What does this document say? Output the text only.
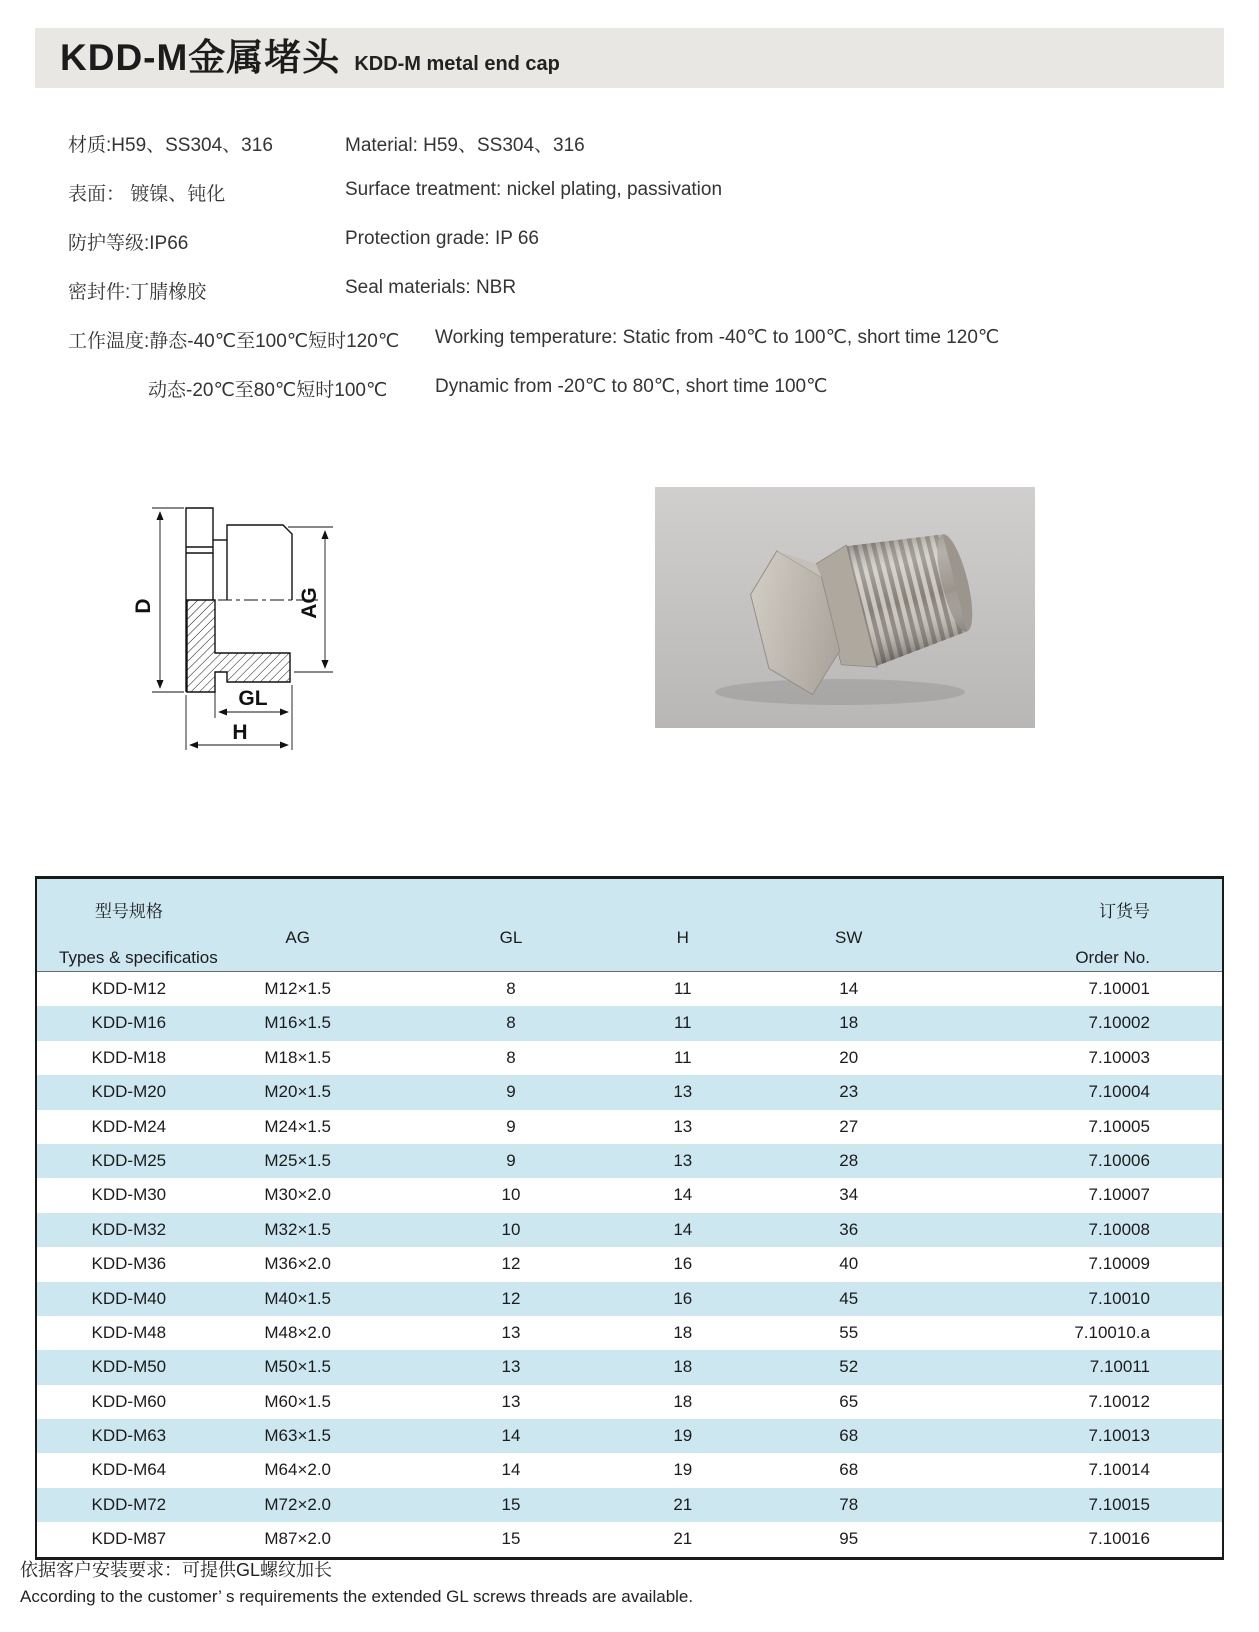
KDD-M金属堵头 KDD-M metal end cap
材质:H59、SS304、316	Material: H59、SS304、316
表面： 镀镍、钝化	Surface treatment: nickel plating, passivation
防护等级:IP66	Protection grade: IP 66
密封件:丁腈橡胶	Seal materials: NBR
工作温度:静态-40℃至100℃短时120℃	Working temperature: Static from -40℃ to 100℃, short time 120℃
动态-20℃至80℃短时100℃	Dynamic from -20℃ to 80℃, short time 100℃
D	AG
GL
H
型号规格	订货号
AG	GL	H	SW
Types & specificatios	Order No.
KDD-M12	M12×1.5	8	11	14	7.10001
KDD-M16	M16×1.5	8	11	18	7.10002
KDD-M18	M18×1.5	8	11	20	7.10003
KDD-M20	M20×1.5	9	13	23	7.10004
KDD-M24	M24×1.5	9	13	27	7.10005
KDD-M25	M25×1.5	9	13	28	7.10006
KDD-M30	M30×2.0	10	14	34	7.10007
KDD-M32	M32×1.5	10	14	36	7.10008
KDD-M36	M36×2.0	12	16	40	7.10009
KDD-M40	M40×1.5	12	16	45	7.10010
KDD-M48	M48×2.0	13	18	55	7.10010.a
KDD-M50	M50×1.5	13	18	52	7.10011
KDD-M60	M60×1.5	13	18	65	7.10012
KDD-M63	M63×1.5	14	19	68	7.10013
KDD-M64	M64×2.0	14	19	68	7.10014
KDD-M72	M72×2.0	15	21	78	7.10015
KDD-M87	M87×2.0	15	21	95	7.10016
依据客户安装要求：可提供GL螺纹加长
According to the customer’ s requirements the extended GL screws threads are available.
